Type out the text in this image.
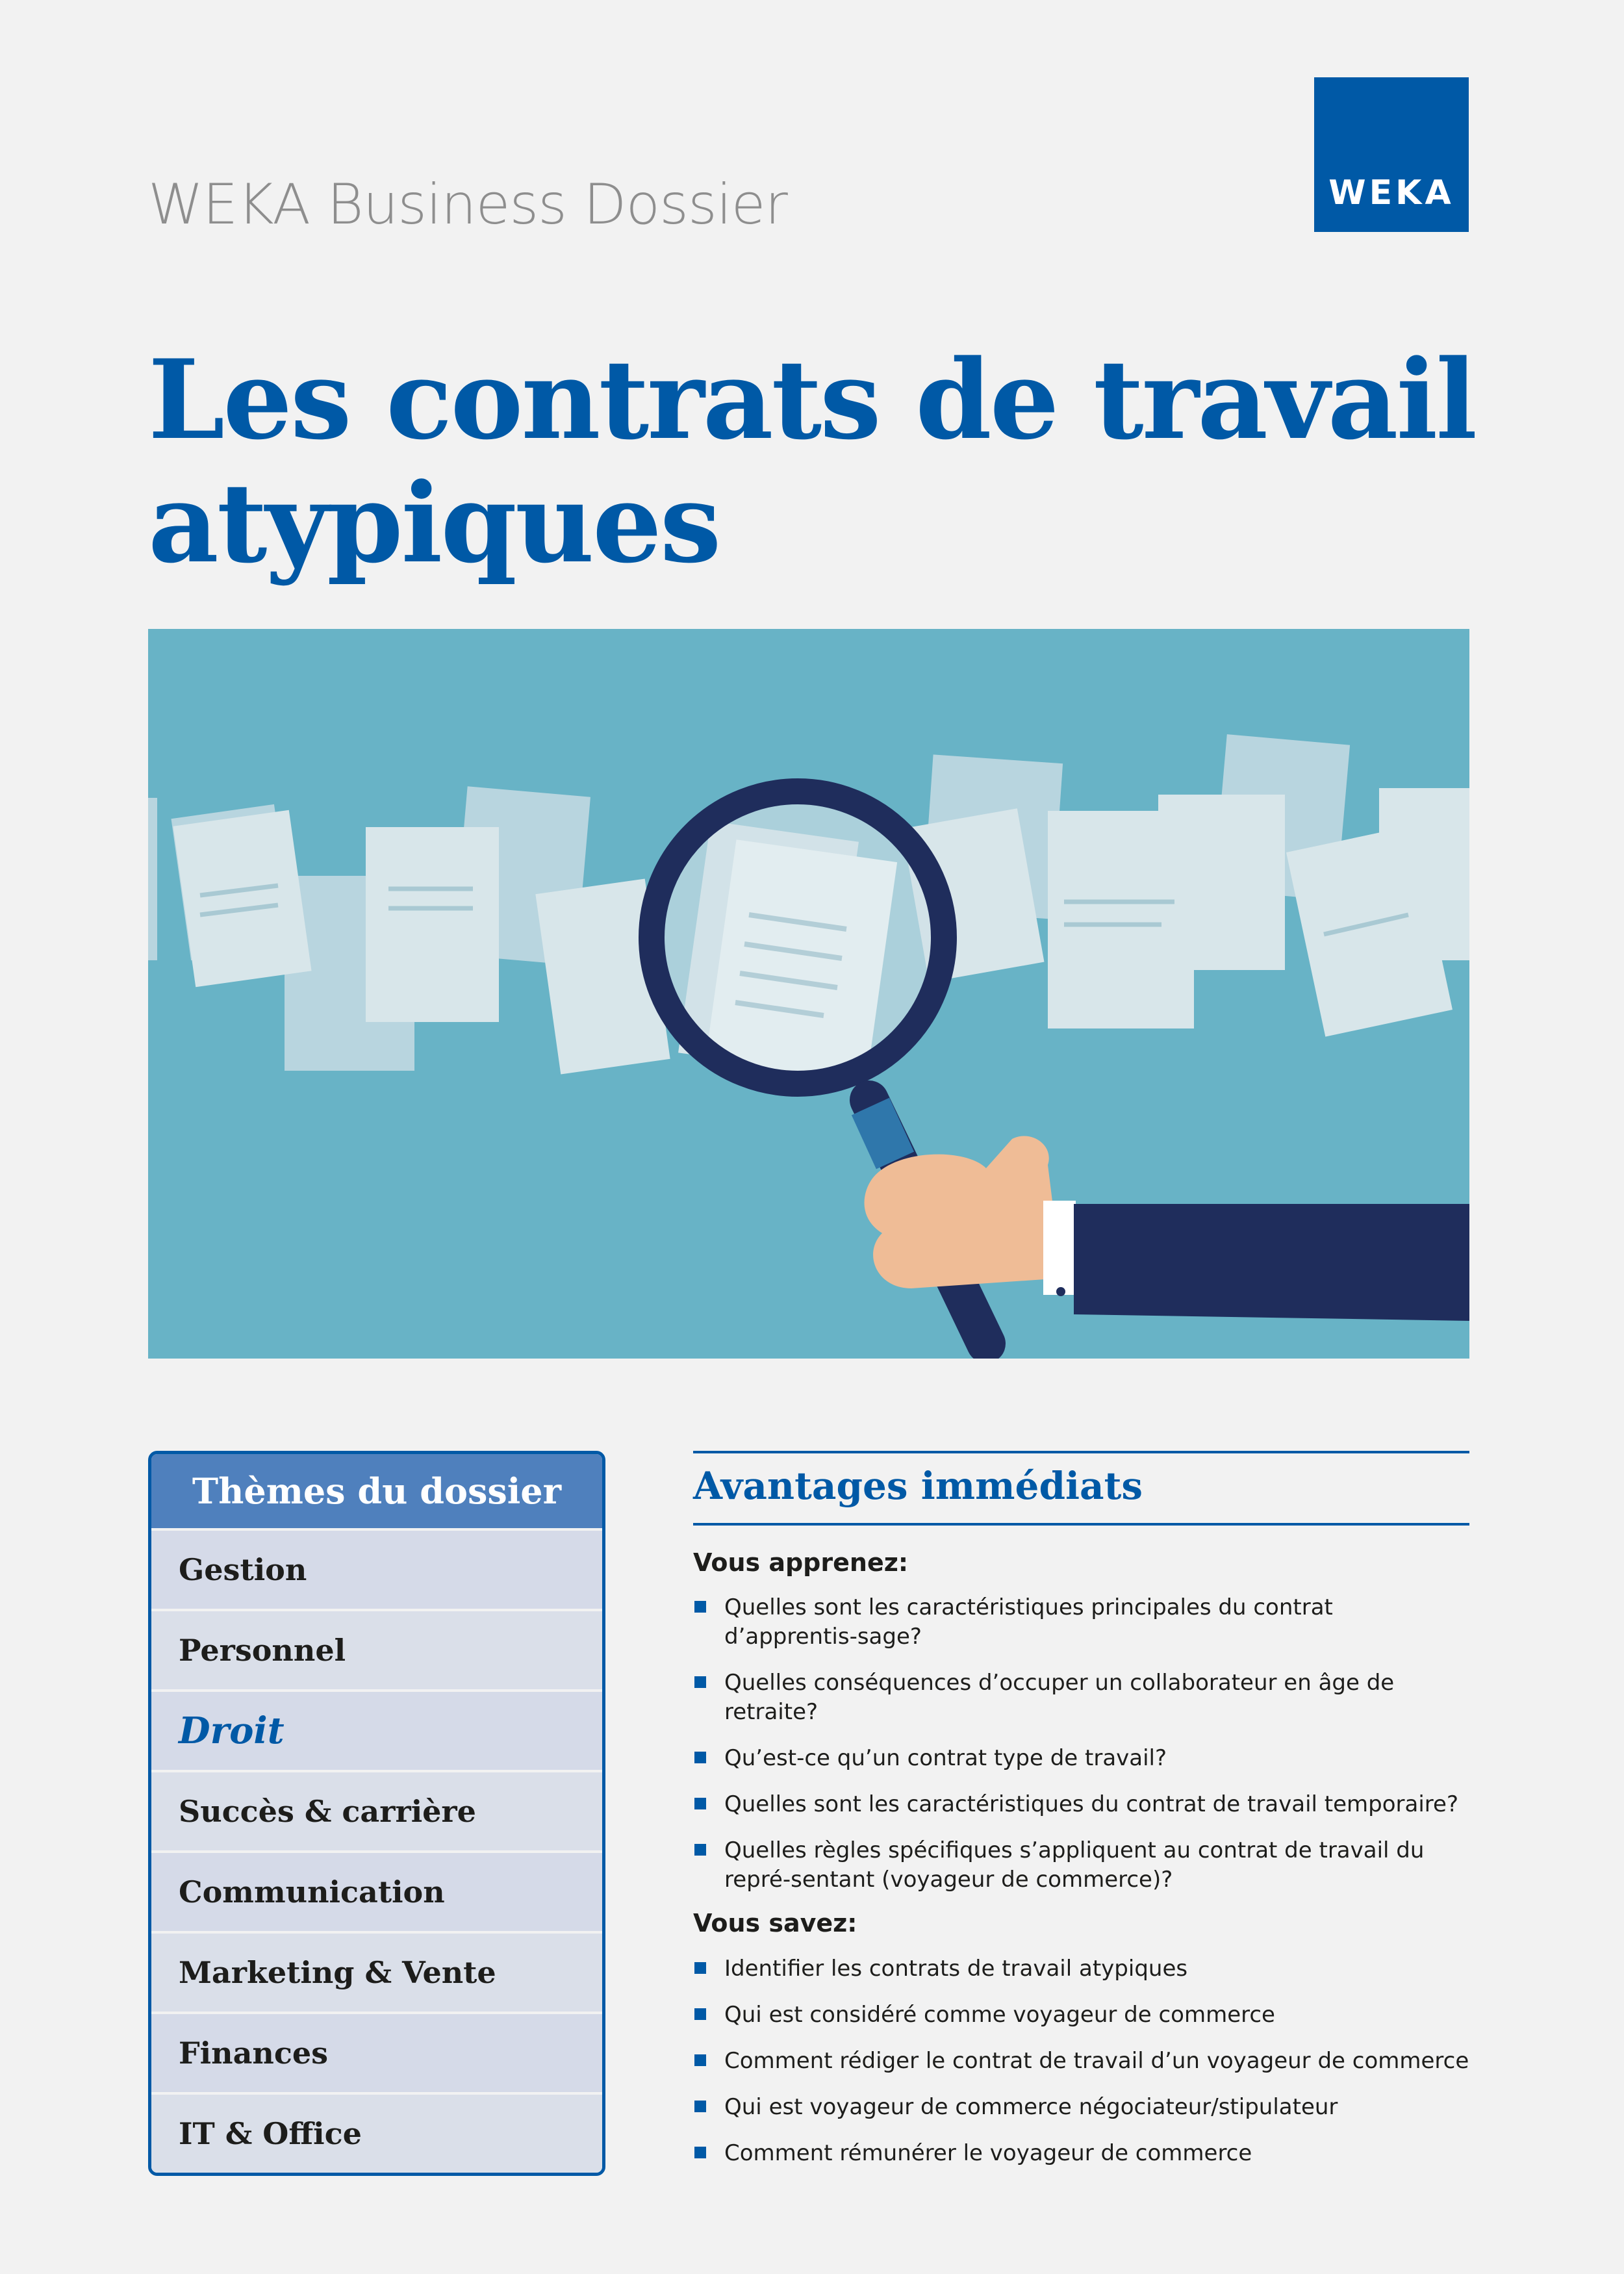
WEKA Business Dossier	WEKA
Les contrats de travail
atypiques
Thèmes du dossier
Gestion
Personnel
Droit
Succès & carrière
Communication
Marketing & Vente
Finances
IT & Office
Avantages immédiats
Vous apprenez:
Quelles sont les caractéristiques principales du contrat d’apprentis-sage?
Quelles conséquences d’occuper un collaborateur en âge de retraite?
Qu’est-ce qu’un contrat type de travail?
Quelles sont les caractéristiques du contrat de travail temporaire?
Quelles règles spécifiques s’appliquent au contrat de travail du repré-sentant (voyageur de commerce)?
Vous savez:
Identifier les contrats de travail atypiques
Qui est considéré comme voyageur de commerce
Comment rédiger le contrat de travail d’un voyageur de commerce
Qui est voyageur de commerce négociateur/stipulateur
Comment rémunérer le voyageur de commerce
